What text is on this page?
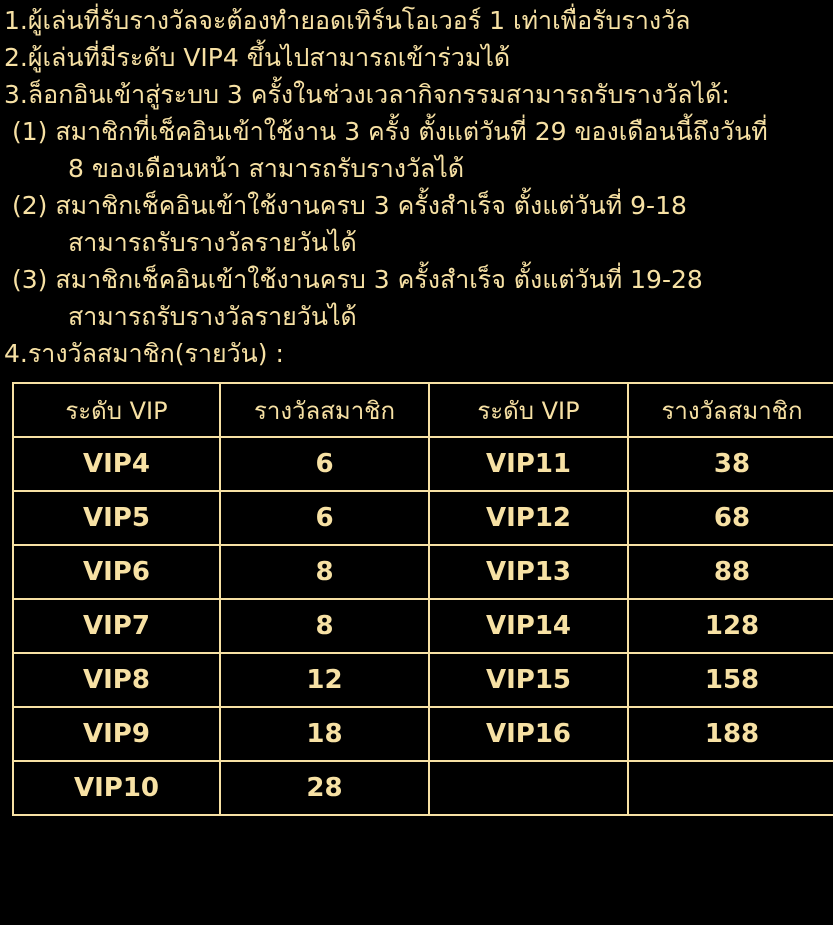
1.ผู้เล่นที่รับรางวัลจะต้องทำยอดเทิร์นโอเวอร์ 1 เท่าเพื่อรับรางวัล
2.ผู้เล่นที่มีระดับ VIP4 ขึ้นไปสามารถเข้าร่วมได้
3.ล็อกอินเข้าสู่ระบบ 3 ครั้งในช่วงเวลากิจกรรมสามารถรับรางวัลได้:
(1) สมาชิกที่เช็คอินเข้าใช้งาน 3 ครั้ง ตั้งแต่วันที่ 29 ของเดือนนี้ถึงวันที่
8 ของเดือนหน้า สามารถรับรางวัลได้
(2) สมาชิกเช็คอินเข้าใช้งานครบ 3 ครั้งสำเร็จ ตั้งแต่วันที่ 9-18
สามารถรับรางวัลรายวันได้
(3) สมาชิกเช็คอินเข้าใช้งานครบ 3 ครั้งสำเร็จ ตั้งแต่วันที่ 19-28
สามารถรับรางวัลรายวันได้
4.รางวัลสมาชิก(รายวัน) :
ระดับ VIP	รางวัลสมาชิก	ระดับ VIP	รางวัลสมาชิก
VIP4	6	VIP11	38
VIP5	6	VIP12	68
VIP6	8	VIP13	88
VIP7	8	VIP14	128
VIP8	12	VIP15	158
VIP9	18	VIP16	188
VIP10	28		
